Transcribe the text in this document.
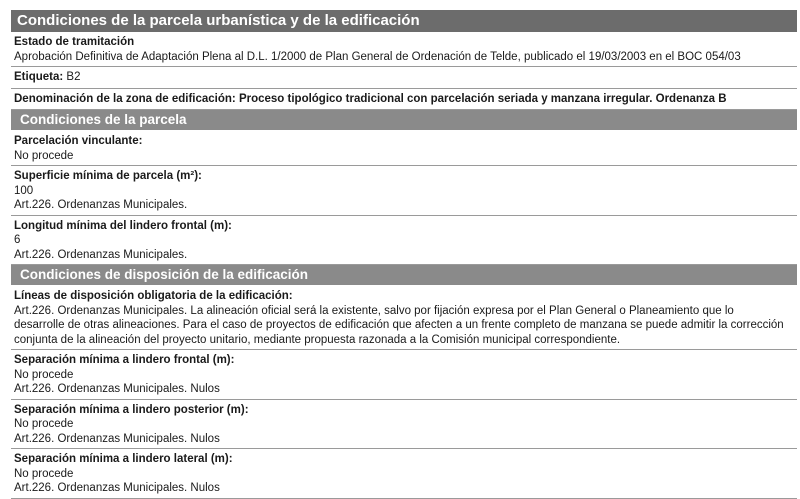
Condiciones de la parcela urbanística y de la edificación
Estado de tramitación
Aprobación Definitiva de Adaptación Plena al D.L. 1/2000 de Plan General de Ordenación de Telde, publicado el 19/03/2003 en el BOC 054/03
Etiqueta: B2
Denominación de la zona de edificación: Proceso tipológico tradicional con parcelación seriada y manzana irregular. Ordenanza B
Condiciones de la parcela
Parcelación vinculante:
No procede
Superficie mínima de parcela (m²):
100
Art.226. Ordenanzas Municipales.
Longitud mínima del lindero frontal (m):
6
Art.226. Ordenanzas Municipales.
Condiciones de disposición de la edificación
Líneas de disposición obligatoria de la edificación:
Art.226. Ordenanzas Municipales. La alineación oficial será la existente, salvo por fijación expresa por el Plan General o Planeamiento que lo
desarrolle de otras alineaciones. Para el caso de proyectos de edificación que afecten a un frente completo de manzana se puede admitir la corrección
conjunta de la alineación del proyecto unitario, mediante propuesta razonada a la Comisión municipal correspondiente.
Separación mínima a lindero frontal (m):
No procede
Art.226. Ordenanzas Municipales. Nulos
Separación mínima a lindero posterior (m):
No procede
Art.226. Ordenanzas Municipales. Nulos
Separación mínima a lindero lateral (m):
No procede
Art.226. Ordenanzas Municipales. Nulos
